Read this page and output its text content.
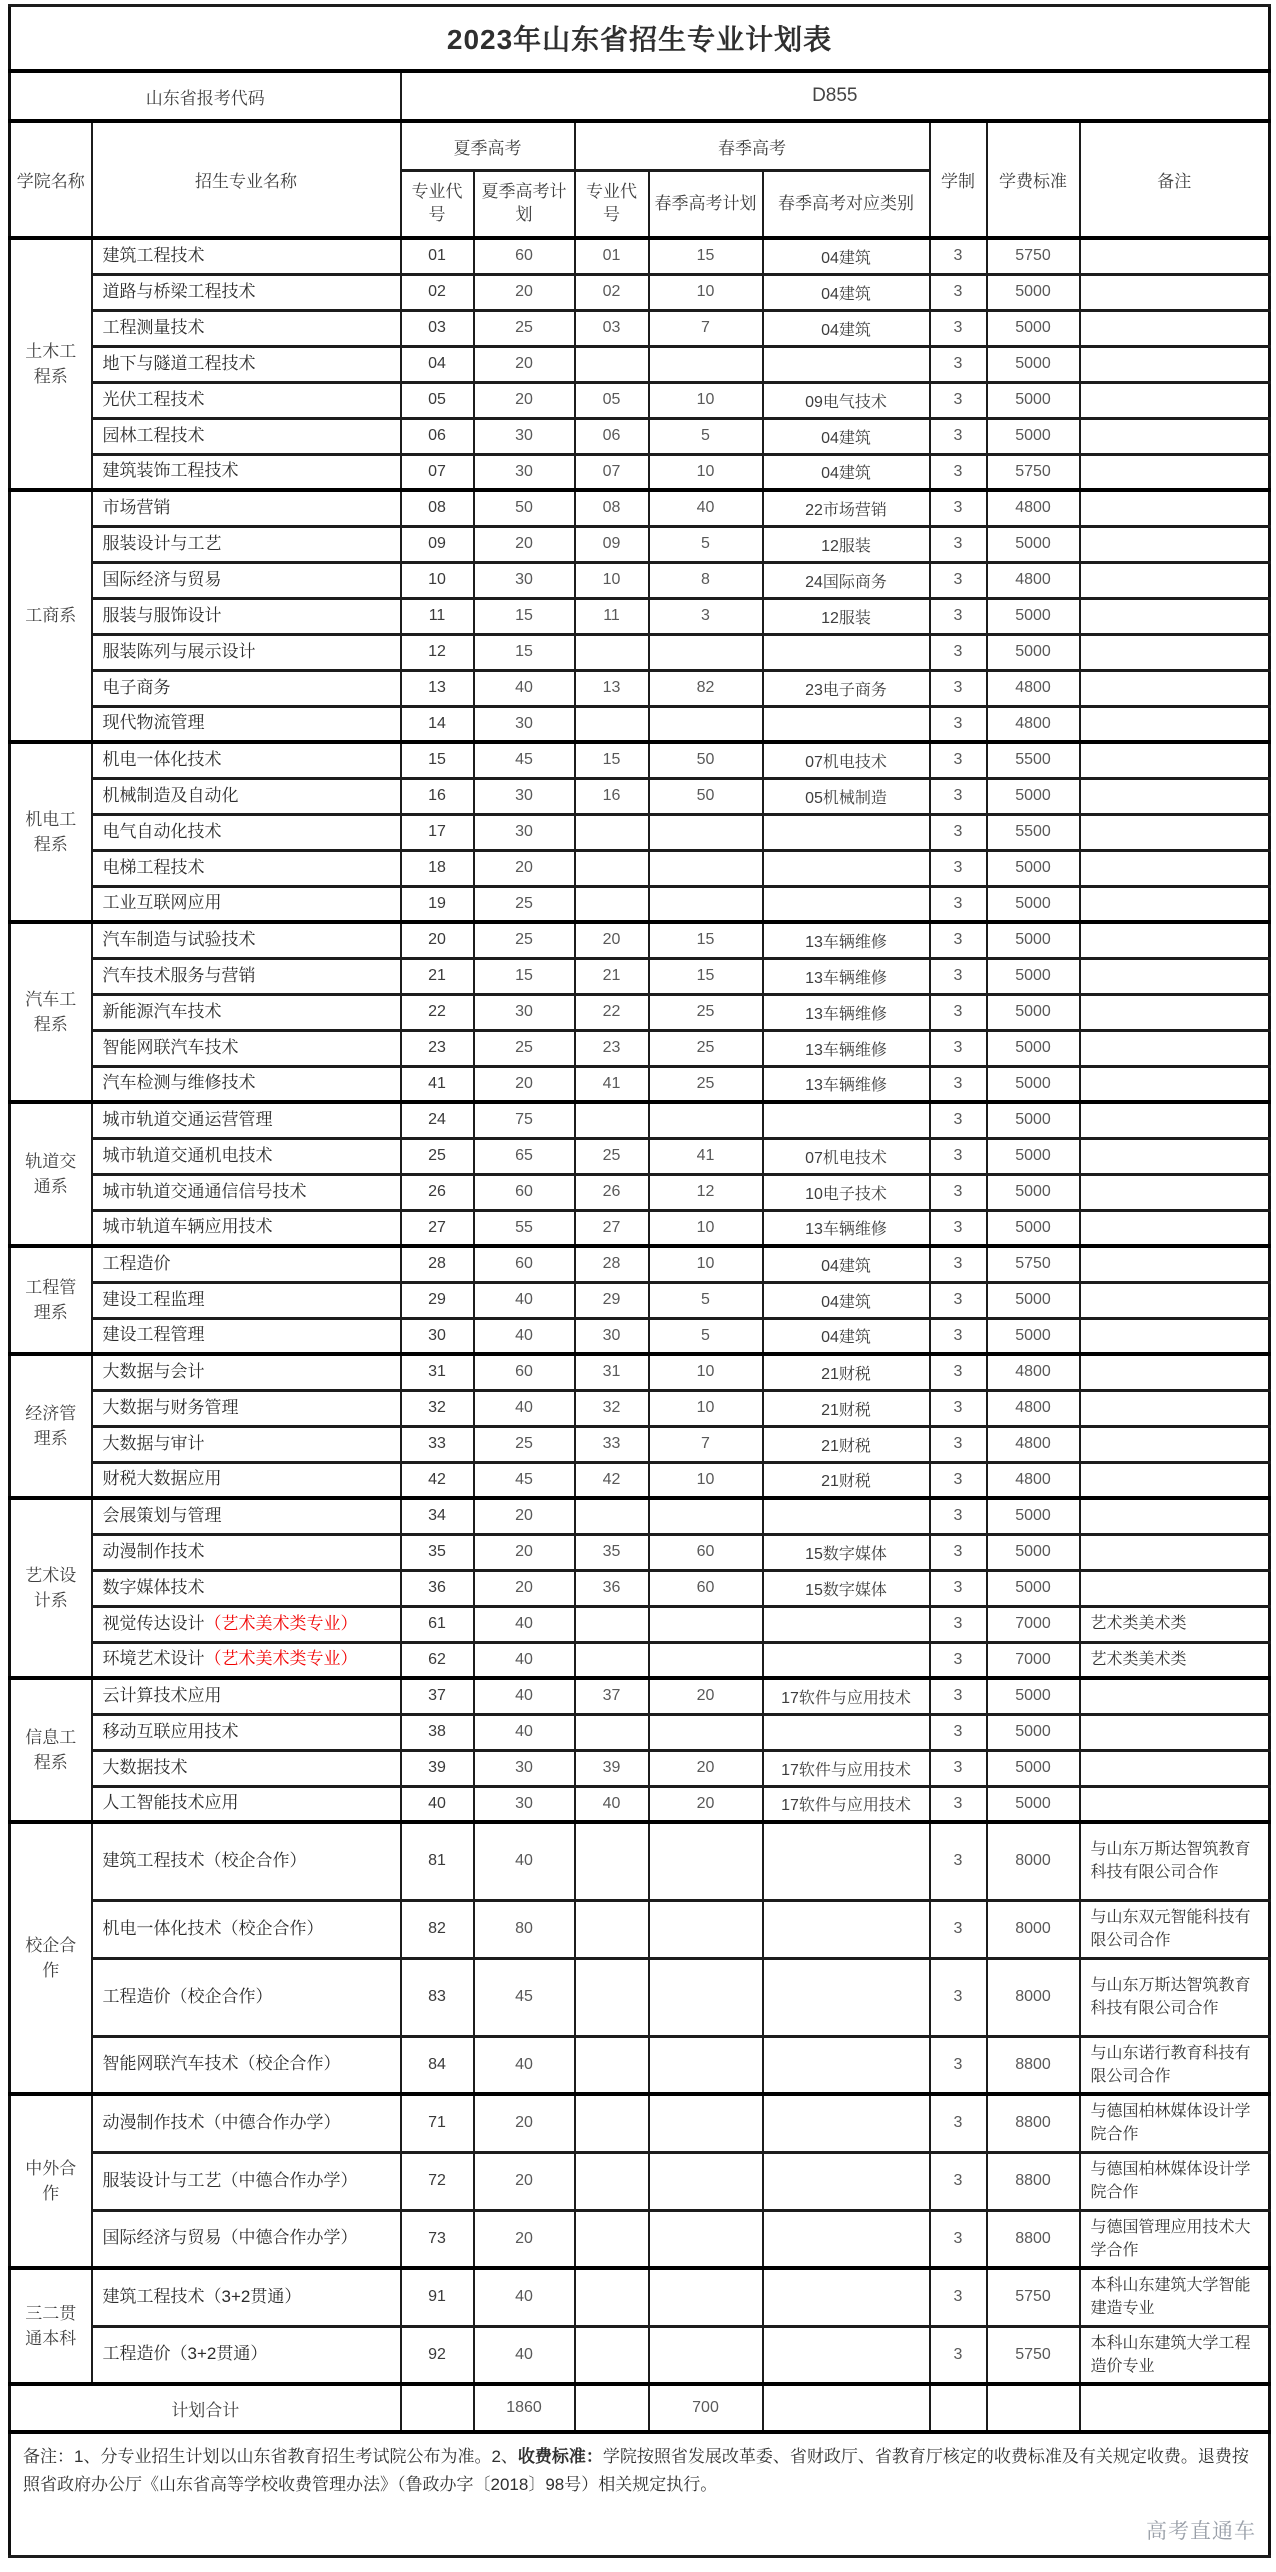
2023年山东省招生专业计划表									
山东省报考代码		D855							
学院名称	招生专业名称	夏季高考		春季高考			学制	学费标准	备注
		专业代号	夏季高考计划	专业代号	春季高考计划	春季高考对应类别			
土木工程系	建筑工程技术	01	60	01	15	04建筑	3	5750	
	道路与桥梁工程技术	02	20	02	10	04建筑	3	5000	
	工程测量技术	03	25	03	7	04建筑	3	5000	
	地下与隧道工程技术	04	20				3	5000	
	光伏工程技术	05	20	05	10	09电气技术	3	5000	
	园林工程技术	06	30	06	5	04建筑	3	5000	
	建筑装饰工程技术	07	30	07	10	04建筑	3	5750	
工商系	市场营销	08	50	08	40	22市场营销	3	4800	
	服装设计与工艺	09	20	09	5	12服装	3	5000	
	国际经济与贸易	10	30	10	8	24国际商务	3	4800	
	服装与服饰设计	11	15	11	3	12服装	3	5000	
	服装陈列与展示设计	12	15				3	5000	
	电子商务	13	40	13	82	23电子商务	3	4800	
	现代物流管理	14	30				3	4800	
机电工程系	机电一体化技术	15	45	15	50	07机电技术	3	5500	
	机械制造及自动化	16	30	16	50	05机械制造	3	5000	
	电气自动化技术	17	30				3	5500	
	电梯工程技术	18	20				3	5000	
	工业互联网应用	19	25				3	5000	
汽车工程系	汽车制造与试验技术	20	25	20	15	13车辆维修	3	5000	
	汽车技术服务与营销	21	15	21	15	13车辆维修	3	5000	
	新能源汽车技术	22	30	22	25	13车辆维修	3	5000	
	智能网联汽车技术	23	25	23	25	13车辆维修	3	5000	
	汽车检测与维修技术	41	20	41	25	13车辆维修	3	5000	
轨道交通系	城市轨道交通运营管理	24	75				3	5000	
	城市轨道交通机电技术	25	65	25	41	07机电技术	3	5000	
	城市轨道交通通信信号技术	26	60	26	12	10电子技术	3	5000	
	城市轨道车辆应用技术	27	55	27	10	13车辆维修	3	5000	
工程管理系	工程造价	28	60	28	10	04建筑	3	5750	
	建设工程监理	29	40	29	5	04建筑	3	5000	
	建设工程管理	30	40	30	5	04建筑	3	5000	
经济管理系	大数据与会计	31	60	31	10	21财税	3	4800	
	大数据与财务管理	32	40	32	10	21财税	3	4800	
	大数据与审计	33	25	33	7	21财税	3	4800	
	财税大数据应用	42	45	42	10	21财税	3	4800	
艺术设计系	会展策划与管理	34	20				3	5000	
	动漫制作技术	35	20	35	60	15数字媒体	3	5000	
	数字媒体技术	36	20	36	60	15数字媒体	3	5000	
	视觉传达设计（艺术美术类专业）	61	40				3	7000	艺术类美术类
	环境艺术设计（艺术美术类专业）	62	40				3	7000	艺术类美术类
信息工程系	云计算技术应用	37	40	37	20	17软件与应用技术	3	5000	
	移动互联应用技术	38	40				3	5000	
	大数据技术	39	30	39	20	17软件与应用技术	3	5000	
	人工智能技术应用	40	30	40	20	17软件与应用技术	3	5000	
校企合作	建筑工程技术（校企合作）	81	40				3	8000	与山东万斯达智筑教育科技有限公司合作
	机电一体化技术（校企合作）	82	80				3	8000	与山东双元智能科技有限公司合作
	工程造价（校企合作）	83	45				3	8000	与山东万斯达智筑教育科技有限公司合作
	智能网联汽车技术（校企合作）	84	40				3	8800	与山东诺行教育科技有限公司合作
中外合作	动漫制作技术（中德合作办学）	71	20				3	8800	与德国柏林媒体设计学院合作
	服装设计与工艺（中德合作办学）	72	20				3	8800	与德国柏林媒体设计学院合作
	国际经济与贸易（中德合作办学）	73	20				3	8800	与德国管理应用技术大学合作
三二贯通本科	建筑工程技术（3+2贯通）	91	40				3	5750	本科山东建筑大学智能建造专业
	工程造价（3+2贯通）	92	40				3	5750	本科山东建筑大学工程造价专业
计划合计			1860		700				
备注：1、分专业招生计划以山东省教育招生考试院公布为准。2、收费标准：学院按照省发展改革委、省财政厅、省教育厅核定的收费标准及有关规定收费。退费按照省政府办公厅《山东省高等学校收费管理办法》（鲁政办字〔2018〕98号）相关规定执行。
高考直通车									
